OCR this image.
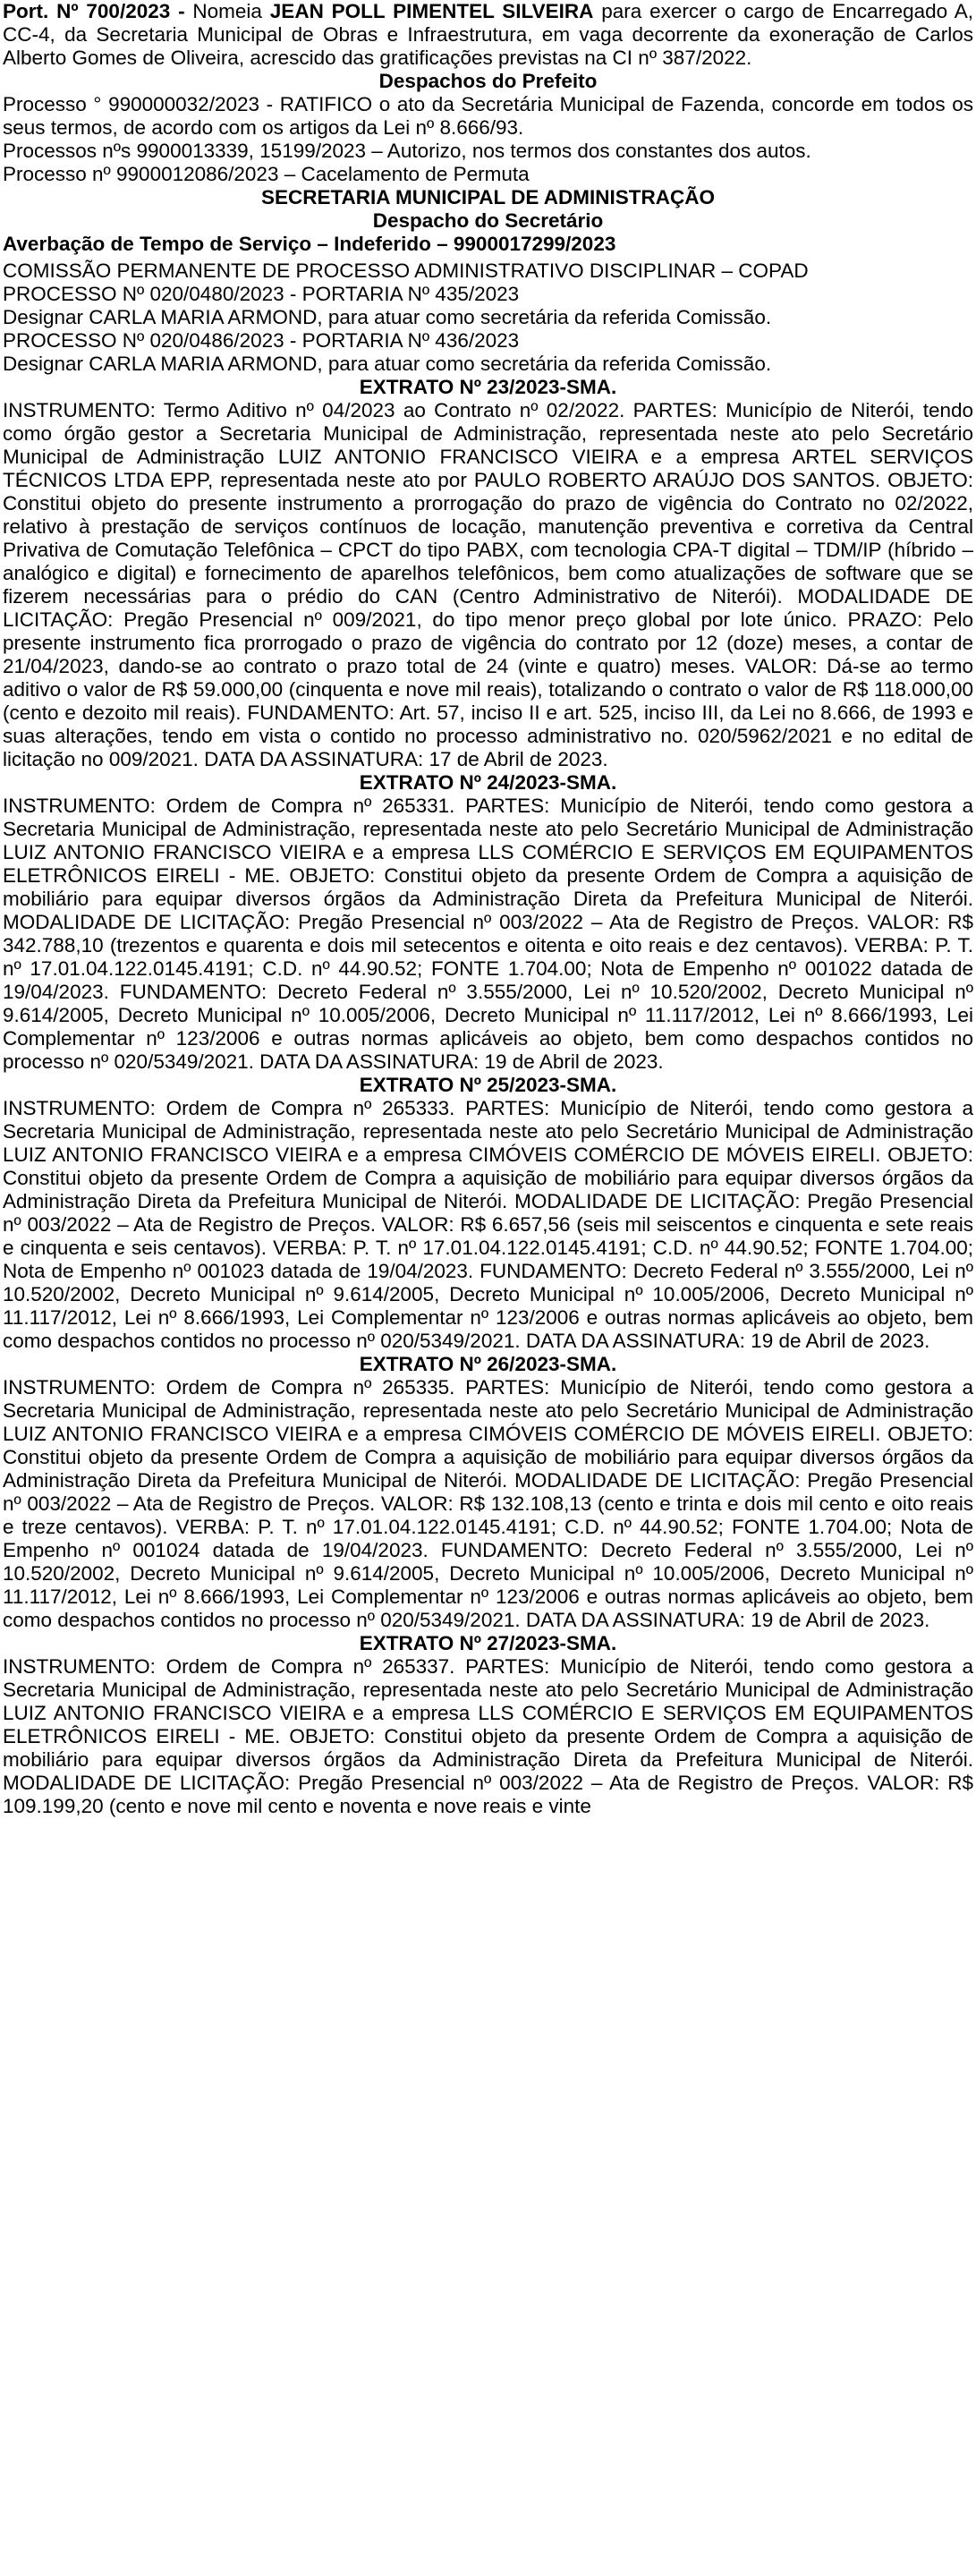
Port. Nº 700/2023 - Nomeia JEAN POLL PIMENTEL SILVEIRA para exercer o cargo de Encarregado A, CC-4, da Secretaria Municipal de Obras e Infraestrutura, em vaga decorrente da exoneração de Carlos Alberto Gomes de Oliveira, acrescido das gratificações previstas na CI nº 387/2022.

Despachos do Prefeito

Processo ° 990000032/2023 - RATIFICO o ato da Secretária Municipal de Fazenda, concorde em todos os seus termos, de acordo com os artigos da Lei nº 8.666/93.

Processos nºs 9900013339, 15199/2023 – Autorizo, nos termos dos constantes dos autos.

Processo nº 9900012086/2023 – Cacelamento de Permuta

SECRETARIA MUNICIPAL DE ADMINISTRAÇÃO

Despacho do Secretário

Averbação de Tempo de Serviço – Indeferido – 9900017299/2023

COMISSÃO PERMANENTE DE PROCESSO ADMINISTRATIVO DISCIPLINAR – COPAD

PROCESSO Nº 020/0480/2023 - PORTARIA Nº 435/2023

Designar CARLA MARIA ARMOND, para atuar como secretária da referida Comissão.

PROCESSO Nº 020/0486/2023 - PORTARIA Nº 436/2023

Designar CARLA MARIA ARMOND, para atuar como secretária da referida Comissão.

EXTRATO Nº 23/2023-SMA.

INSTRUMENTO: Termo Aditivo nº 04/2023 ao Contrato nº 02/2022. PARTES: Município de Niterói, tendo como órgão gestor a Secretaria Municipal de Administração, representada neste ato pelo Secretário Municipal de Administração LUIZ ANTONIO FRANCISCO VIEIRA e a empresa ARTEL SERVIÇOS TÉCNICOS LTDA EPP, representada neste ato por PAULO ROBERTO ARAÚJO DOS SANTOS. OBJETO: Constitui objeto do presente instrumento a prorrogação do prazo de vigência do Contrato no 02/2022, relativo à prestação de serviços contínuos de locação, manutenção preventiva e corretiva da Central Privativa de Comutação Telefônica – CPCT do tipo PABX, com tecnologia CPA-T digital – TDM/IP (híbrido – analógico e digital) e fornecimento de aparelhos telefônicos, bem como atualizações de software que se fizerem necessárias para o prédio do CAN (Centro Administrativo de Niterói). MODALIDADE DE LICITAÇÃO: Pregão Presencial nº 009/2021, do tipo menor preço global por lote único. PRAZO: Pelo presente instrumento fica prorrogado o prazo de vigência do contrato por 12 (doze) meses, a contar de 21/04/2023, dando-se ao contrato o prazo total de 24 (vinte e quatro) meses. VALOR: Dá-se ao termo aditivo o valor de R$ 59.000,00 (cinquenta e nove mil reais), totalizando o contrato o valor de R$ 118.000,00 (cento e dezoito mil reais). FUNDAMENTO: Art. 57, inciso II e art. 525, inciso III, da Lei no 8.666, de 1993 e suas alterações, tendo em vista o contido no processo administrativo no. 020/5962/2021 e no edital de licitação no 009/2021. DATA DA ASSINATURA: 17 de Abril de 2023.

EXTRATO Nº 24/2023-SMA.

INSTRUMENTO: Ordem de Compra nº 265331. PARTES: Município de Niterói, tendo como gestora a Secretaria Municipal de Administração, representada neste ato pelo Secretário Municipal de Administração LUIZ ANTONIO FRANCISCO VIEIRA e a empresa LLS COMÉRCIO E SERVIÇOS EM EQUIPAMENTOS ELETRÔNICOS EIRELI - ME. OBJETO: Constitui objeto da presente Ordem de Compra a aquisição de mobiliário para equipar diversos órgãos da Administração Direta da Prefeitura Municipal de Niterói. MODALIDADE DE LICITAÇÃO: Pregão Presencial nº 003/2022 – Ata de Registro de Preços. VALOR: R$ 342.788,10 (trezentos e quarenta e dois mil setecentos e oitenta e oito reais e dez centavos). VERBA: P. T. nº 17.01.04.122.0145.4191; C.D. nº 44.90.52; FONTE 1.704.00; Nota de Empenho nº 001022 datada de 19/04/2023. FUNDAMENTO: Decreto Federal nº 3.555/2000, Lei nº 10.520/2002, Decreto Municipal nº 9.614/2005, Decreto Municipal nº 10.005/2006, Decreto Municipal nº 11.117/2012, Lei nº 8.666/1993, Lei Complementar nº 123/2006 e outras normas aplicáveis ao objeto, bem como despachos contidos no processo nº 020/5349/2021. DATA DA ASSINATURA: 19 de Abril de 2023.

EXTRATO Nº 25/2023-SMA.

INSTRUMENTO: Ordem de Compra nº 265333. PARTES: Município de Niterói, tendo como gestora a Secretaria Municipal de Administração, representada neste ato pelo Secretário Municipal de Administração LUIZ ANTONIO FRANCISCO VIEIRA e a empresa CIMÓVEIS COMÉRCIO DE MÓVEIS EIRELI. OBJETO: Constitui objeto da presente Ordem de Compra a aquisição de mobiliário para equipar diversos órgãos da Administração Direta da Prefeitura Municipal de Niterói. MODALIDADE DE LICITAÇÃO: Pregão Presencial nº 003/2022 – Ata de Registro de Preços. VALOR: R$ 6.657,56 (seis mil seiscentos e cinquenta e sete reais e cinquenta e seis centavos). VERBA: P. T. nº 17.01.04.122.0145.4191; C.D. nº 44.90.52; FONTE 1.704.00; Nota de Empenho nº 001023 datada de 19/04/2023. FUNDAMENTO: Decreto Federal nº 3.555/2000, Lei nº 10.520/2002, Decreto Municipal nº 9.614/2005, Decreto Municipal nº 10.005/2006, Decreto Municipal nº 11.117/2012, Lei nº 8.666/1993, Lei Complementar nº 123/2006 e outras normas aplicáveis ao objeto, bem como despachos contidos no processo nº 020/5349/2021. DATA DA ASSINATURA: 19 de Abril de 2023.

EXTRATO Nº 26/2023-SMA.

INSTRUMENTO: Ordem de Compra nº 265335. PARTES: Município de Niterói, tendo como gestora a Secretaria Municipal de Administração, representada neste ato pelo Secretário Municipal de Administração LUIZ ANTONIO FRANCISCO VIEIRA e a empresa CIMÓVEIS COMÉRCIO DE MÓVEIS EIRELI. OBJETO: Constitui objeto da presente Ordem de Compra a aquisição de mobiliário para equipar diversos órgãos da Administração Direta da Prefeitura Municipal de Niterói. MODALIDADE DE LICITAÇÃO: Pregão Presencial nº 003/2022 – Ata de Registro de Preços. VALOR: R$ 132.108,13 (cento e trinta e dois mil cento e oito reais e treze centavos). VERBA: P. T. nº 17.01.04.122.0145.4191; C.D. nº 44.90.52; FONTE 1.704.00; Nota de Empenho nº 001024 datada de 19/04/2023. FUNDAMENTO: Decreto Federal nº 3.555/2000, Lei nº 10.520/2002, Decreto Municipal nº 9.614/2005, Decreto Municipal nº 10.005/2006, Decreto Municipal nº 11.117/2012, Lei nº 8.666/1993, Lei Complementar nº 123/2006 e outras normas aplicáveis ao objeto, bem como despachos contidos no processo nº 020/5349/2021. DATA DA ASSINATURA: 19 de Abril de 2023.

EXTRATO Nº 27/2023-SMA.

INSTRUMENTO: Ordem de Compra nº 265337. PARTES: Município de Niterói, tendo como gestora a Secretaria Municipal de Administração, representada neste ato pelo Secretário Municipal de Administração LUIZ ANTONIO FRANCISCO VIEIRA e a empresa LLS COMÉRCIO E SERVIÇOS EM EQUIPAMENTOS ELETRÔNICOS EIRELI - ME. OBJETO: Constitui objeto da presente Ordem de Compra a aquisição de mobiliário para equipar diversos órgãos da Administração Direta da Prefeitura Municipal de Niterói. MODALIDADE DE LICITAÇÃO: Pregão Presencial nº 003/2022 – Ata de Registro de Preços. VALOR: R$ 109.199,20 (cento e nove mil cento e noventa e nove reais e vinte
